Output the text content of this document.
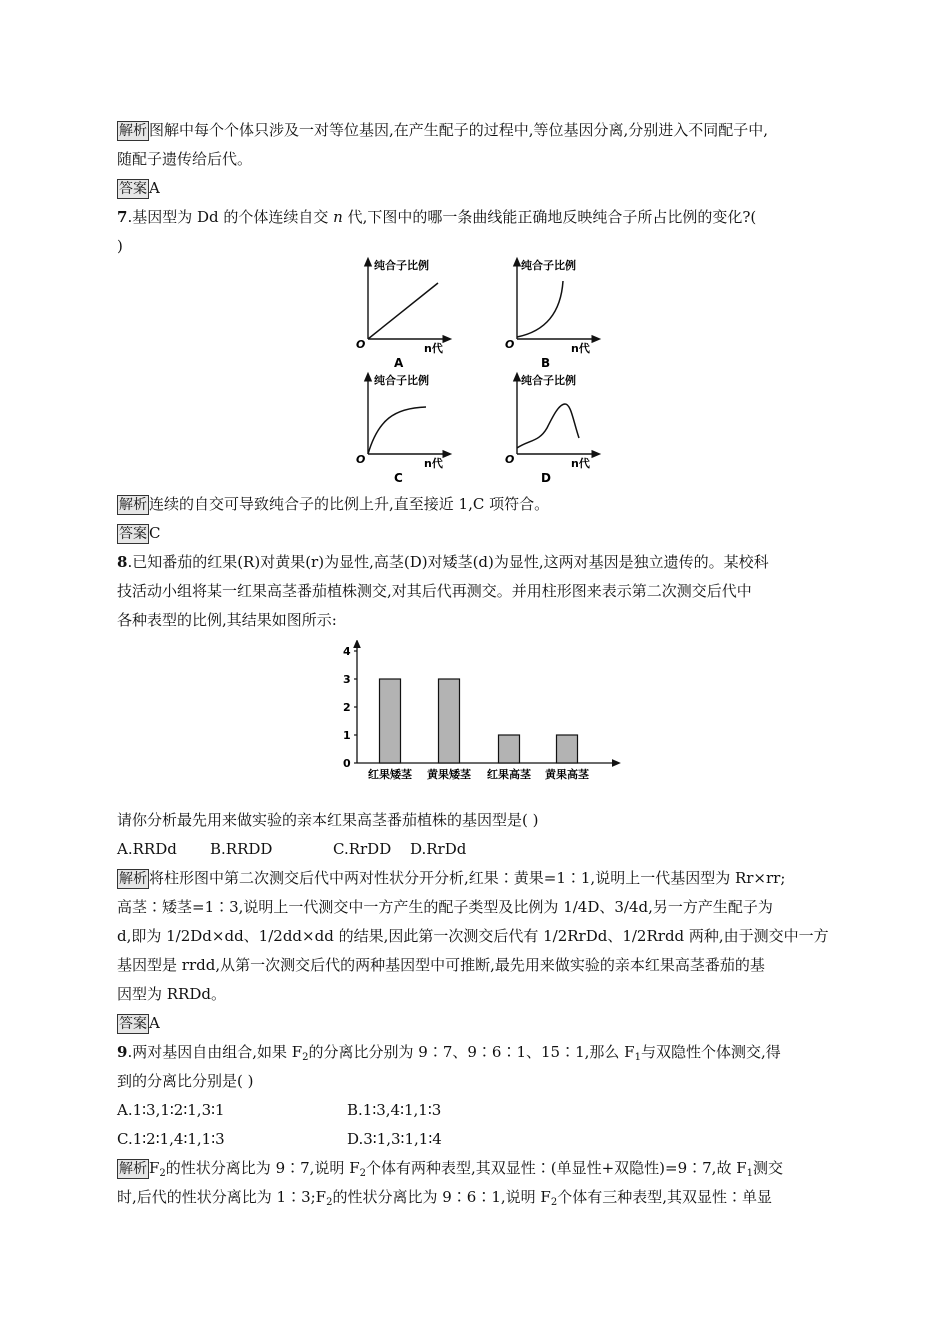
解析 图解中每个个体只涉及一对等位基因,在产生配子的过程中,等位基因分离,分别进入不同配子中,
随配子遗传给后代。
答案 A
7.基因型为 Dd 的个体连续自交 n 代,下图中的哪一条曲线能正确地反映纯合子所占比例的变化?(
)
纯合子比例
O	n代
A
纯合子比例
O	n代
B
纯合子比例
O	n代
C
纯合子比例
O	n代
D
解析 连续的自交可导致纯合子的比例上升,直至接近 1,C 项符合。
答案 C
8.已知番茄的红果(R)对黄果(r)为显性,高茎(D)对矮茎(d)为显性,这两对基因是独立遗传的。某校科
技活动小组将某一红果高茎番茄植株测交,对其后代再测交。并用柱形图来表示第二次测交后代中
各种表型的比例,其结果如图所示:
0
1
2
3
4
红果矮茎 黄果矮茎 红果高茎 黄果高茎
请你分析最先用来做实验的亲本红果高茎番茄植株的基因型是( )
A.RRDd B.RRDD	C.RrDD D.RrDd
解析 将柱形图中第二次测交后代中两对性状分开分析,红果∶黄果=1∶1,说明上一代基因型为 Rr×rr;
高茎∶矮茎=1∶3,说明上一代测交中一方产生的配子类型及比例为 1/4D、3/4d,另一方产生配子为
d,即为 1/2Dd×dd、1/2dd×dd 的结果,因此第一次测交后代有 1/2RrDd、1/2Rrdd 两种,由于测交中一方
基因型是 rrdd,从第一次测交后代的两种基因型中可推断,最先用来做实验的亲本红果高茎番茄的基
因型为 RRDd。
答案 A
9.两对基因自由组合,如果 $F_2$的分离比分别为 9∶7、9∶6∶1、15∶1,那么 $F_1$与双隐性个体测交,得
到的分离比分别是( )
A.1∶3,1∶2∶1,3∶1	B.1∶3,4∶1,1∶3
C.1∶2∶1,4∶1,1∶3	D.3∶1,3∶1,1∶4
解析 $F_2$的性状分离比为 9∶7,说明 $F_2$个体有两种表型,其双显性∶(单显性+双隐性)=9∶7,故 $F_1$测交
时,后代的性状分离比为 $1∶3;F_2$的性状分离比为 9∶6∶1,说明 $F_2$个体有三种表型,其双显性∶单显
